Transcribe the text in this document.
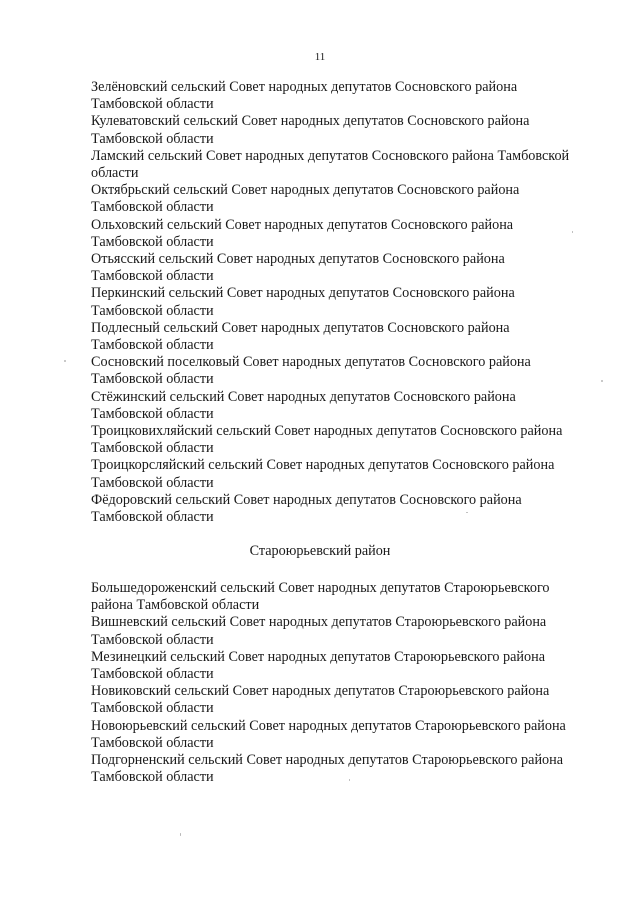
11
Зелёновский сельский Совет народных депутатов Сосновского района
Тамбовской области
Кулеватовский сельский Совет народных депутатов Сосновского района
Тамбовской области
Ламский сельский Совет народных депутатов Сосновского района Тамбовской
области
Октябрьский сельский Совет народных депутатов Сосновского района
Тамбовской области
Ольховский сельский Совет народных депутатов Сосновского района
Тамбовской области
Отьясский сельский Совет народных депутатов Сосновского района
Тамбовской области
Перкинский сельский Совет народных депутатов Сосновского района
Тамбовской области
Подлесный сельский Совет народных депутатов Сосновского района
Тамбовской области
Сосновский поселковый Совет народных депутатов Сосновского района
Тамбовской области
Стёжинский сельский Совет народных депутатов Сосновского района
Тамбовской области
Троицковихляйский сельский Совет народных депутатов Сосновского района
Тамбовской области
Троицкорсляйский сельский Совет народных депутатов Сосновского района
Тамбовской области
Фёдоровский сельский Совет народных депутатов Сосновского района
Тамбовской области
Староюрьевский район
Большедороженский сельский Совет народных депутатов Староюрьевского
района Тамбовской области
Вишневский сельский Совет народных депутатов Староюрьевского района
Тамбовской области
Мезинецкий сельский Совет народных депутатов Староюрьевского района
Тамбовской области
Новиковский сельский Совет народных депутатов Староюрьевского района
Тамбовской области
Новоюрьевский сельский Совет народных депутатов Староюрьевского района
Тамбовской области
Подгорненский сельский Совет народных депутатов Староюрьевского района
Тамбовской области
